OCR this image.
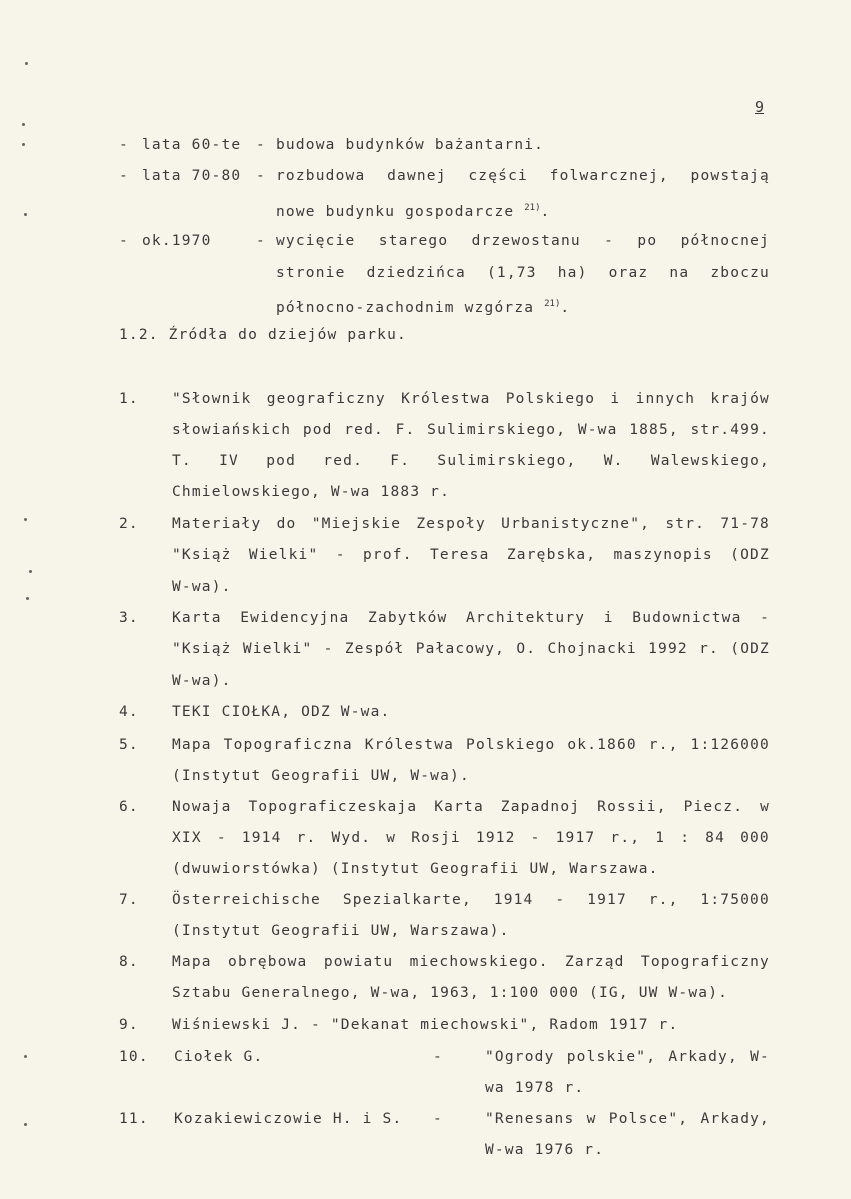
9
- lata 60-te - budowa budynków bażantarni.
- lata 70-80 - rozbudowa dawnej części folwarcznej, powstają
nowe budynku gospodarcze $^{21)}$.
- ok.1970	- wycięcie starego drzewostanu - po północnej
stronie dziedzińca (1,73 ha) oraz na zboczu
północno-zachodnim wzgórza $^{21)}$.
1.2. Źródła do dziejów parku.
1. "Słownik geograficzny Królestwa Polskiego i innych krajów
słowiańskich pod red. F. Sulimirskiego, W-wa 1885, str.499.
T. IV pod red. F. Sulimirskiego, W. Walewskiego,
Chmielowskiego, W-wa 1883 r.
2. Materiały do "Miejskie Zespoły Urbanistyczne", str. 71-78
"Książ Wielki" - prof. Teresa Zarębska, maszynopis (ODZ
W-wa).
3. Karta Ewidencyjna Zabytków Architektury i Budownictwa -
"Książ Wielki" - Zespół Pałacowy, O. Chojnacki 1992 r. (ODZ
W-wa).
4. TEKI CIOŁKA, ODZ W-wa.
5. Mapa Topograficzna Królestwa Polskiego ok.1860 r., 1:126000
(Instytut Geografii UW, W-wa).
6. Nowaja Topograficzeskaja Karta Zapadnoj Rossii, Piecz. w
XIX - 1914 r. Wyd. w Rosji 1912 - 1917 r., 1 : 84 000
(dwuwiorstówka) (Instytut Geografii UW, Warszawa.
7. Österreichische Spezialkarte, 1914 - 1917 r., 1:75000
(Instytut Geografii UW, Warszawa).
8. Mapa obrębowa powiatu miechowskiego. Zarząd Topograficzny
Sztabu Generalnego, W-wa, 1963, 1:100 000 (IG, UW W-wa).
9. Wiśniewski J. - "Dekanat miechowski", Radom 1917 r.
10. Ciołek G.	-	"Ogrody polskie", Arkady, W-
wa 1978 r.
11. Kozakiewiczowie H. i S. -	"Renesans w Polsce", Arkady,
W-wa 1976 r.
